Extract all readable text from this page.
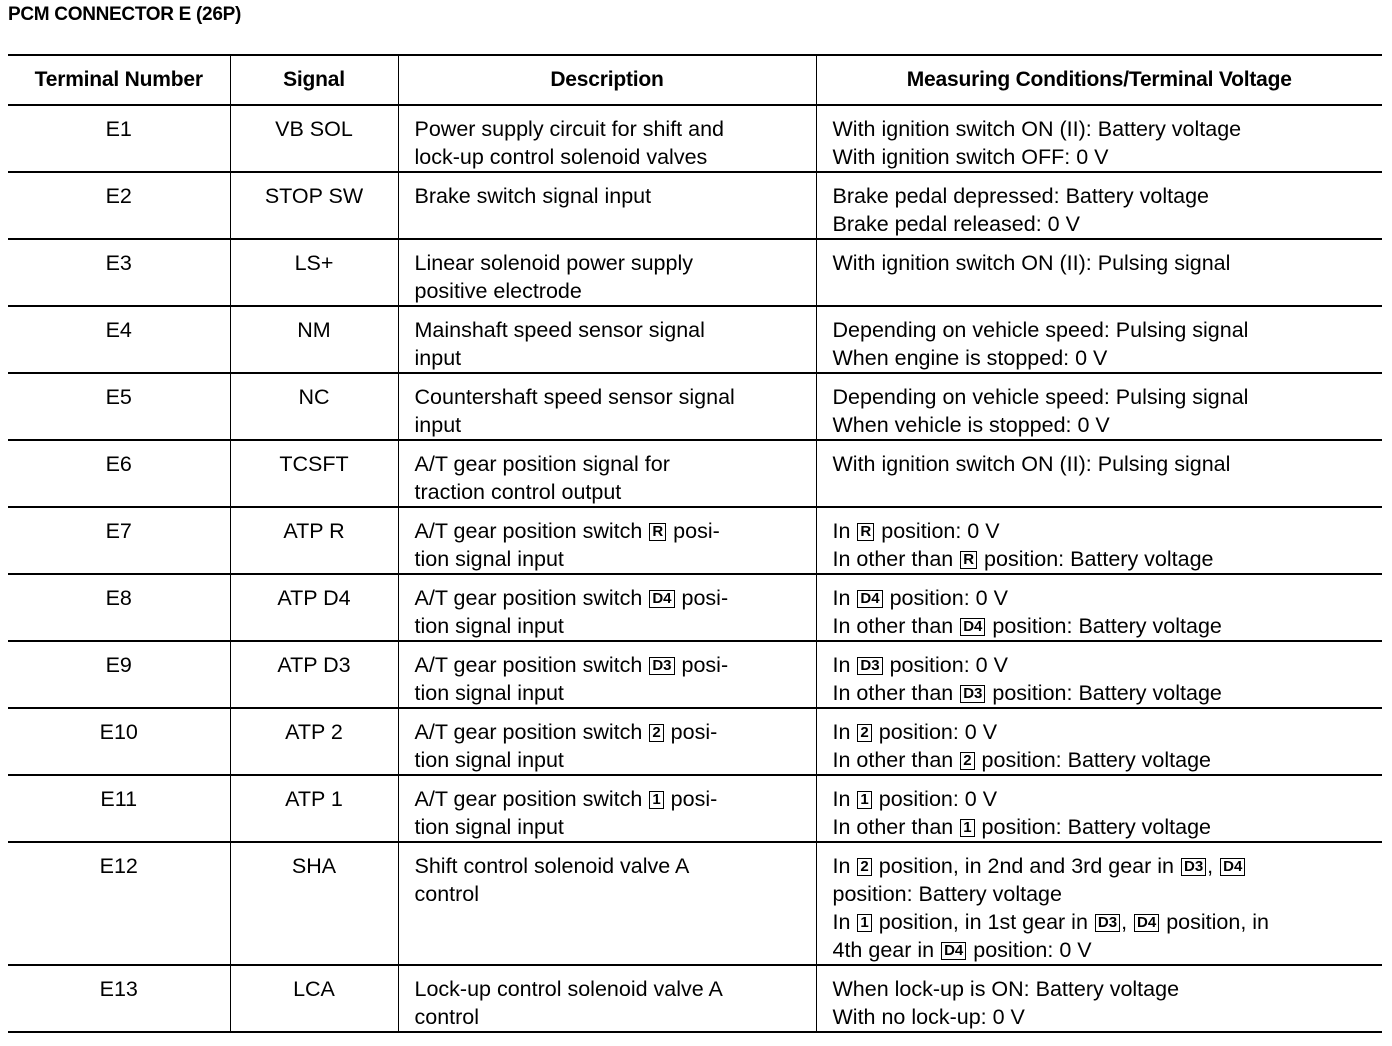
PCM CONNECTOR E (26P)
Terminal Number	Signal	Description	Measuring Conditions/Terminal Voltage
E1	VB SOL	Power supply circuit for shift and
lock-up control solenoid valves	With ignition switch ON (II): Battery voltage
With ignition switch OFF: 0 V

E2	STOP SW	Brake switch signal input	Brake pedal depressed: Battery voltage
Brake pedal released: 0 V

E3	LS+	Linear solenoid power supply
positive electrode	With ignition switch ON (II): Pulsing signal

E4	NM	Mainshaft speed sensor signal
input	Depending on vehicle speed: Pulsing signal
When engine is stopped: 0 V

E5	NC	Countershaft speed sensor signal
input	Depending on vehicle speed: Pulsing signal
When vehicle is stopped: 0 V

E6	TCSFT	A/T gear position signal for
traction control output	With ignition switch ON (II): Pulsing signal

E7	ATP R	A/T gear position switch R posi-
tion signal input	In R position: 0 V
In other than R position: Battery voltage

E8	ATP D4	A/T gear position switch D4 posi-
tion signal input	In D4 position: 0 V
In other than D4 position: Battery voltage

E9	ATP D3	A/T gear position switch D3 posi-
tion signal input	In D3 position: 0 V
In other than D3 position: Battery voltage

E10	ATP 2	A/T gear position switch 2 posi-
tion signal input	In 2 position: 0 V
In other than 2 position: Battery voltage

E11	ATP 1	A/T gear position switch 1 posi-
tion signal input	In 1 position: 0 V
In other than 1 position: Battery voltage

E12	SHA	Shift control solenoid valve A
control	In 2 position, in 2nd and 3rd gear in D3 , D4
position: Battery voltage
In 1 position, in 1st gear in D3 , D4 position, in
4th gear in D4 position: 0 V

E13	LCA	Lock-up control solenoid valve A
control	When lock-up is ON: Battery voltage
With no lock-up: 0 V
